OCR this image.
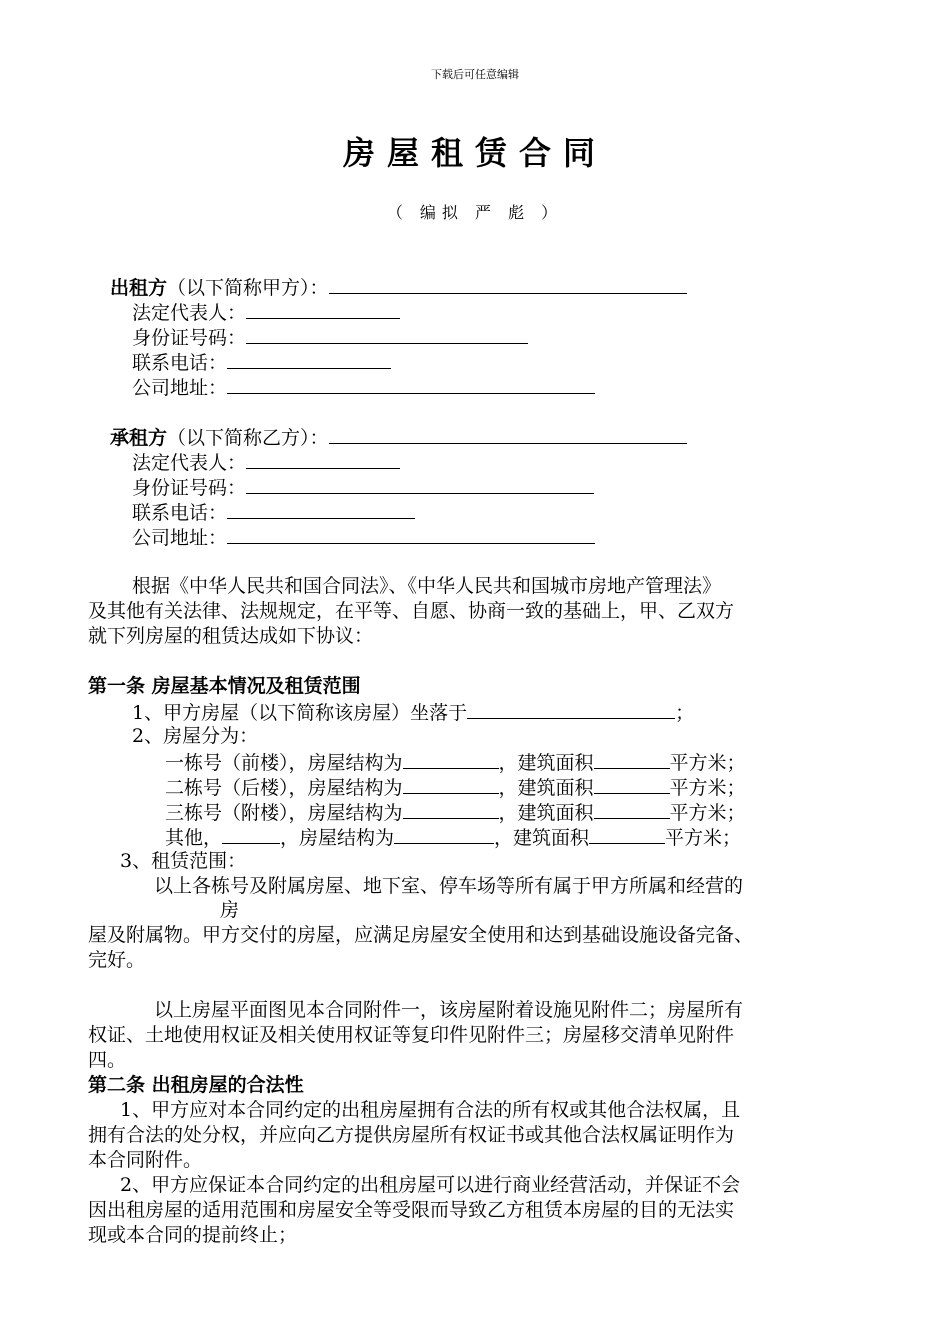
下载后可任意编辑
房屋租赁合同
（ 编拟 严 彪 ）
出租方（以下简称甲方）：
法定代表人：
身份证号码：
联系电话：
公司地址：
承租方（以下简称乙方）：
法定代表人：
身份证号码：
联系电话：
公司地址：
根据《中华人民共和国合同法》、《中华人民共和国城市房地产管理法》
及其他有关法律、法规规定，在平等、自愿、协商一致的基础上，甲、乙双方
就下列房屋的租赁达成如下协议：
第一条 房屋基本情况及租赁范围
1、甲方房屋（以下简称该房屋）坐落于	；
2、房屋分为：
一栋号（前楼），房屋结构为	，建筑面积	平方米；
二栋号（后楼），房屋结构为	，建筑面积	平方米；
三栋号（附楼），房屋结构为	，建筑面积	平方米；
其他，	，房屋结构为	，建筑面积	平方米；
3、租赁范围：
以上各栋号及附属房屋、地下室、停车场等所有属于甲方所属和经营的
房
屋及附属物。甲方交付的房屋，应满足房屋安全使用和达到基础设施设备完备、
完好。
以上房屋平面图见本合同附件一，该房屋附着设施见附件二；房屋所有
权证、土地使用权证及相关使用权证等复印件见附件三；房屋移交清单见附件
四。
第二条 出租房屋的合法性
1、甲方应对本合同约定的出租房屋拥有合法的所有权或其他合法权属，且
拥有合法的处分权，并应向乙方提供房屋所有权证书或其他合法权属证明作为
本合同附件。
2、甲方应保证本合同约定的出租房屋可以进行商业经营活动，并保证不会
因出租房屋的适用范围和房屋安全等受限而导致乙方租赁本房屋的目的无法实
现或本合同的提前终止；
